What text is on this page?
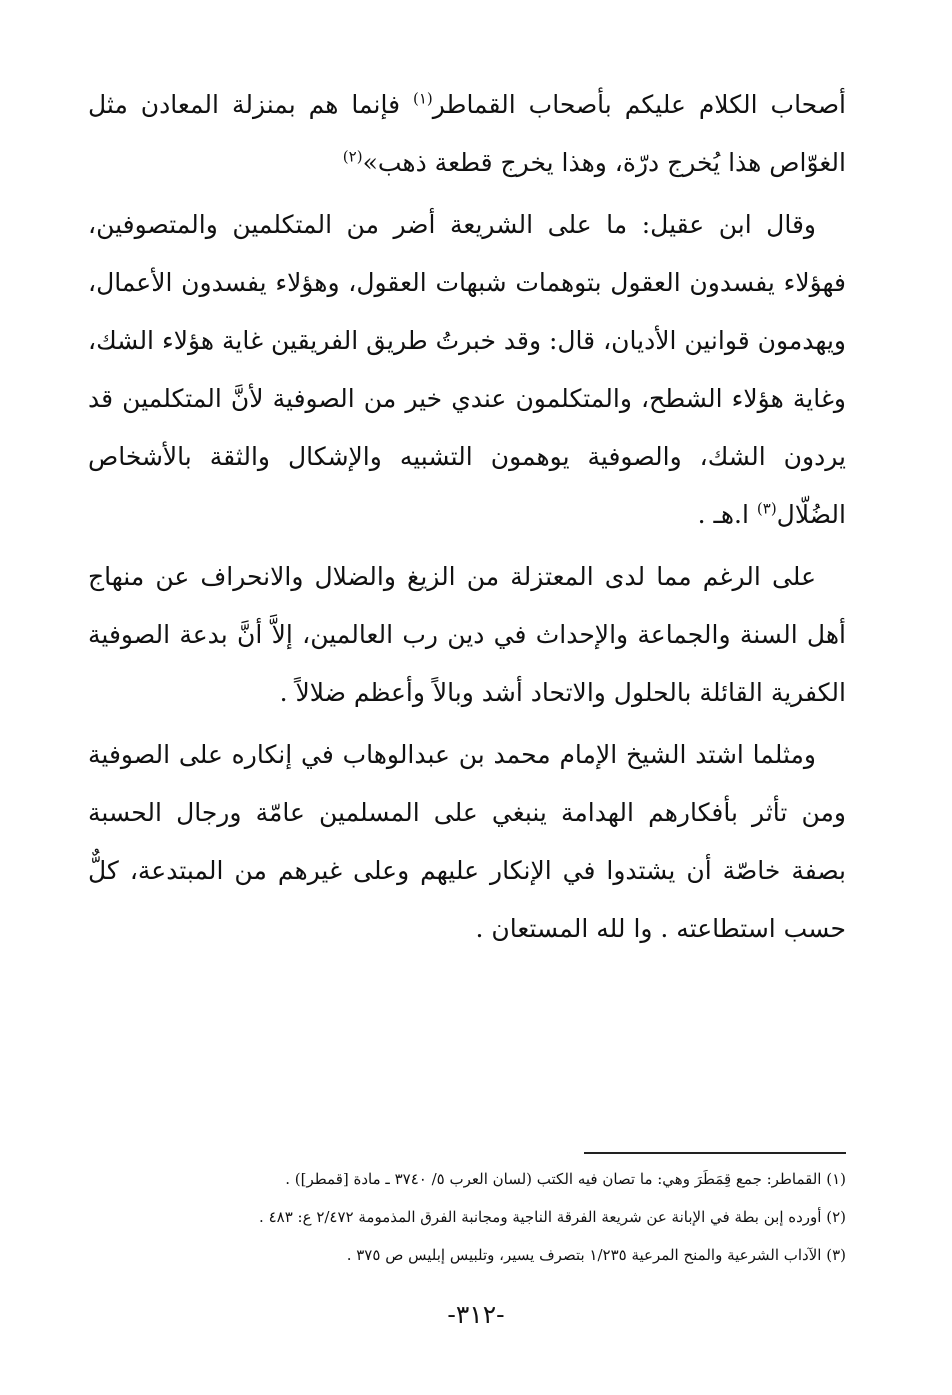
أصحاب الكلام عليكم بأصحاب القماطر$^{(١)}$ فإنما هم بمنزلة المعادن مثل الغوّاص هذا يُخرج درّة، وهذا يخرج قطعة ذهب»$^{(٢)}$

وقال ابن عقيل: ما على الشريعة أضر من المتكلمين والمتصوفين، فهؤلاء يفسدون العقول بتوهمات شبهات العقول، وهؤلاء يفسدون الأعمال، ويهدمون قوانين الأديان، قال: وقد خبرتُ طريق الفريقين غاية هؤلاء الشك، وغاية هؤلاء الشطح، والمتكلمون عندي خير من الصوفية لأنَّ المتكلمين قد يردون الشك، والصوفية يوهمون التشبيه والإشكال والثقة بالأشخاص الضُلّال$^{(٣)}$ ا.هـ .

على الرغم مما لدى المعتزلة من الزيغ والضلال والانحراف عن منهاج أهل السنة والجماعة والإحداث في دين رب العالمين، إلاَّ أنَّ بدعة الصوفية الكفرية القائلة بالحلول والاتحاد أشد وبالاً وأعظم ضلالاً .

ومثلما اشتد الشيخ الإمام محمد بن عبدالوهاب في إنكاره على الصوفية ومن تأثر بأفكارهم الهدامة ينبغي على المسلمين عامّة ورجال الحسبة بصفة خاصّة أن يشتدوا في الإنكار عليهم وعلى غيرهم من المبتدعة، كلٌّ حسب استطاعته . وا لله المستعان .

(١) القماطر: جمع قِمَطَرَ وهي: ما تصان فيه الكتب (لسان العرب ٥/ ٣٧٤٠ ـ مادة [قمطر]) .

(٢) أورده إبن بطة في الإبانة عن شريعة الفرقة الناجية ومجانبة الفرق المذمومة ٢/٤٧٢ ع: ٤٨٣ .

(٣) الآداب الشرعية والمنح المرعية ١/٢٣٥ بتصرف يسير، وتلبيس إبليس ص ٣٧٥ .

-٣١٢-
